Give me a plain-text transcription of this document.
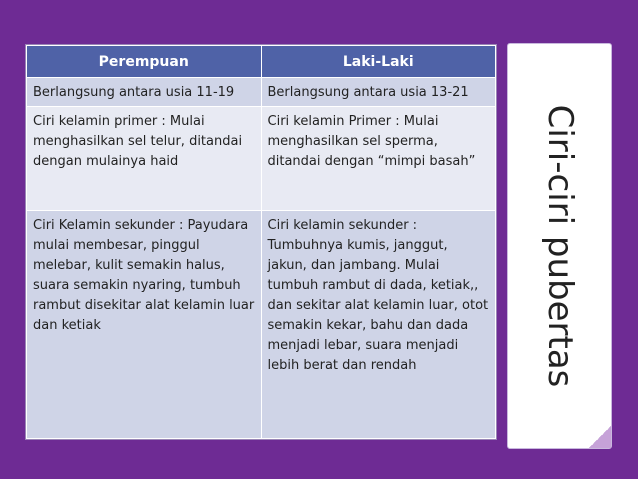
Perempuan	Laki-Laki
Berlangsung antara usia 11-19	Berlangsung antara usia 13-21
Ciri kelamin primer : Mulai menghasilkan sel telur, ditandai dengan mulainya haid	Ciri kelamin Primer : Mulai menghasilkan sel sperma, ditandai dengan “mimpi basah”
Ciri Kelamin sekunder : Payudara mulai membesar, pinggul melebar, kulit semakin halus, suara semakin nyaring, tumbuh rambut disekitar alat kelamin luar dan ketiak	Ciri kelamin sekunder : Tumbuhnya kumis, janggut, jakun, dan jambang. Mulai tumbuh rambut di dada, ketiak,, dan sekitar alat kelamin luar, otot semakin kekar, bahu dan dada menjadi lebar, suara menjadi lebih berat dan rendah	Ciri-ciri pubertas
